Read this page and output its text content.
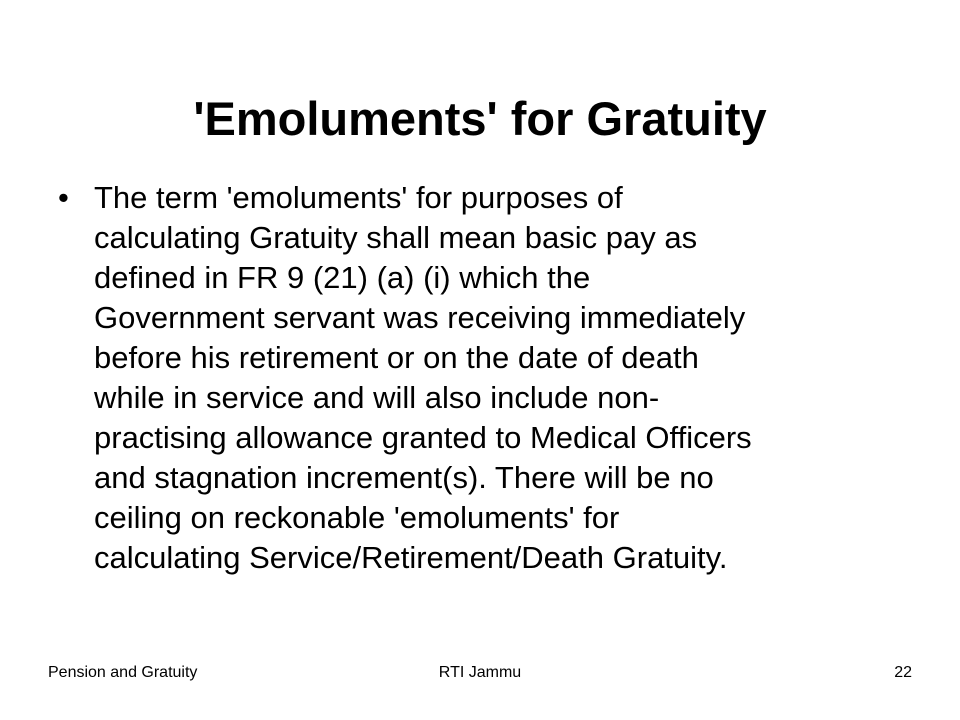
'Emoluments' for Gratuity
• The term 'emoluments' for purposes of
calculating Gratuity shall mean basic pay as
defined in FR 9 (21) (a) (i) which the
Government servant was receiving immediately
before his retirement or on the date of death
while in service and will also include non-
practising allowance granted to Medical Officers
and stagnation increment(s). There will be no
ceiling on reckonable 'emoluments' for
calculating Service/Retirement/Death Gratuity.
Pension and Gratuity	RTI Jammu	22
